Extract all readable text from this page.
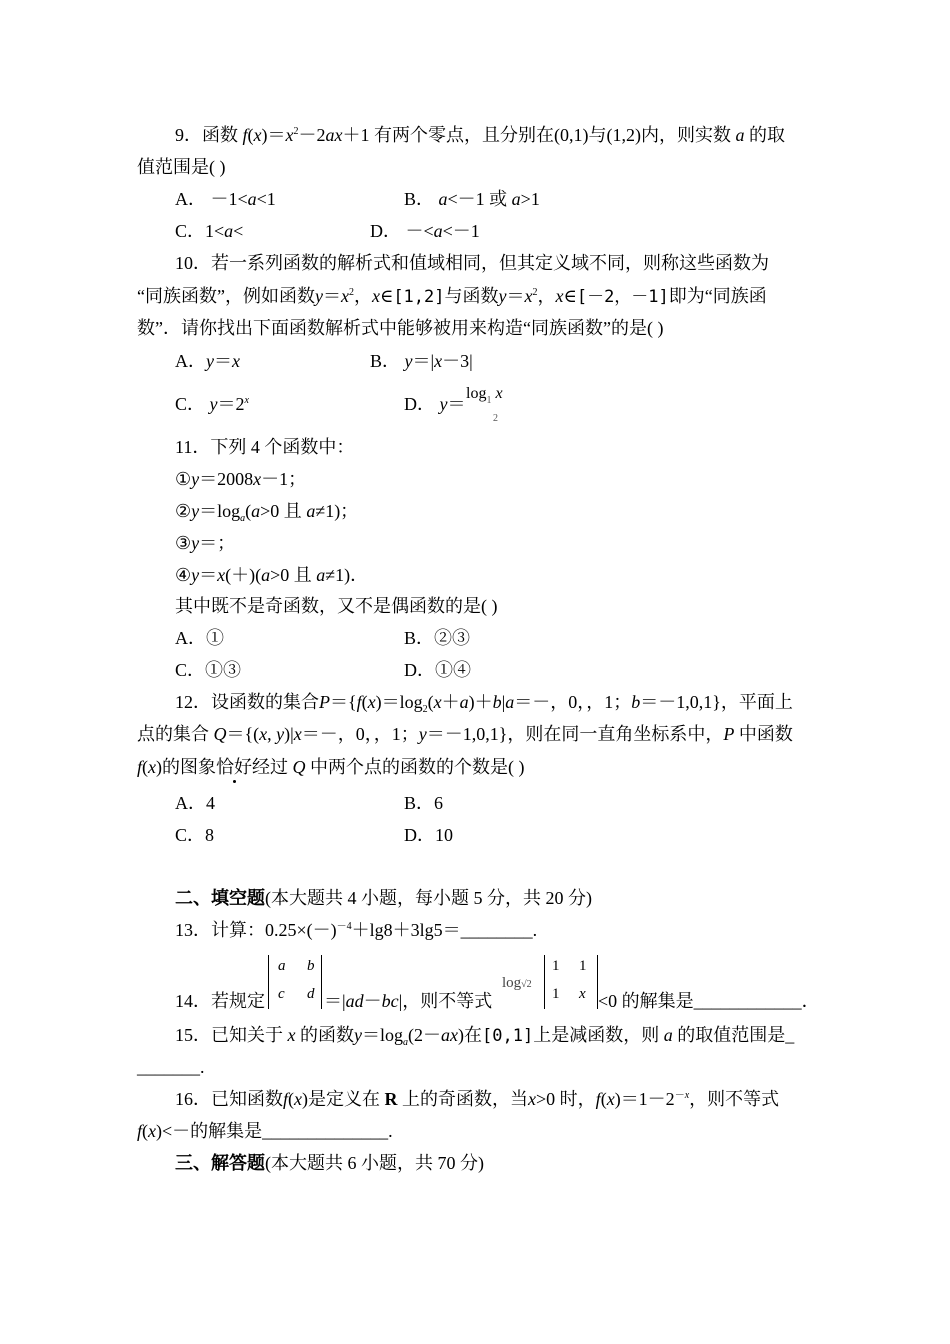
9．函数 $f(x)=x^2-2ax+1$ 有两个零点，且分别在(0,1)与(1,2)内，则实数 a 的取
值范围是( )
A． －1<a<1	B． a<－1 或 a>1
C．1<a<	D． －<a<－1
10．若一系列函数的解析式和值域相同，但其定义域不同，则称这些函数为
“同族函数”，例如函数$y=x^2$，x∈[1,2]与函数$y=x^2$，x∈[－2，－1]即为“同族函
数”．请你找出下面函数解析式中能够被用来构造“同族函数”的是( )
A．y＝x	B． y＝|x－3|
C． $y=2^x$	D． y＝
$\log_1 x$
2
11．下列 4 个函数中：
①y＝2008x－1；
$②y=\log_a(a>0$ 且 a≠1)；
③y＝；
④y＝x(＋)(a>0 且 a≠1)．
其中既不是奇函数，又不是偶函数的是( )
A．①	B．②③
C．①③	D．①④
12．设函数的集合$P=\{f(x)=\log_2(x+a)+b|a=-$，0，，1；b＝－1,0,1}，平面上
点的集合 Q＝{(x, y)|x＝－，0，，1；y＝－1,0,1}，则在同一直角坐标系中，P 中函数
f(x)的图象恰好经过 Q 中两个点的函数的个数是( )
A．4	B．6
C．8	D．10
二、填空题(本大题共 4 小题，每小题 5 分，共 20 分)
13．计算：$0.25\times(-)^{-4}+\lg 8+3\lg 5=\_\_\_\_\_\_\_\_$.
14．若规定
a b
c d ＝|ad－bc|，则不等式
log√2
1 1
1 x <0 的解集是____________．
15．已知关于 x 的函数$y=\log_a(2-ax)$在[0,1]上是减函数，则 a 的取值范围是_
_______.
16．已知函数f(x)是定义在 R 上的奇函数，当x>0 时，$f(x)=1-2^{-x}$，则不等式
f(x)<－的解集是______________.
三、解答题(本大题共 6 小题，共 70 分)
